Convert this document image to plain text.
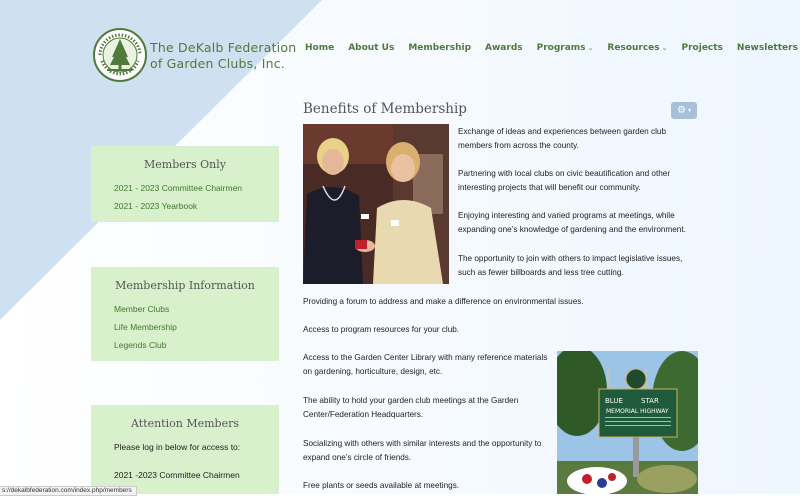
The DeKalb Federation
of Garden Clubs, Inc.
Home About Us Membership Awards Programs ⌄ Resources ⌄ Projects Newsletters
Members Only
2021 - 2023 Committee Chairmen
2021 - 2023 Yearbook
Membership Information
Member Clubs
Life Membership
Legends Club
Attention Members
Please log in below for access to:
2021 -2023 Committee Chairmen
Benefits of Membership	⚙ ▾
BLUE	STAR
MEMORIAL HIGHWAY
Exchange of ideas and experiences between garden club members from across the county.
Partnering with local clubs on civic beautification and other interesting projects that will benefit our community.
Enjoying interesting and varied programs at meetings, while expanding one’s knowledge of gardening and the environment.
The opportunity to join with others to impact legislative issues, such as fewer billboards and less tree cutting.
Providing a forum to address and make a difference on environmental issues.
Access to program resources for your club.
Access to the Garden Center Library with many reference materials on gardening, horticulture, design, etc.
The ability to hold your garden club meetings at the Garden Center/Federation Headquarters.
Socializing with others with similar interests and the opportunity to expand one’s circle of friends.
Free plants or seeds available at meetings.
s://dekalbfederation.com/index.php/members
